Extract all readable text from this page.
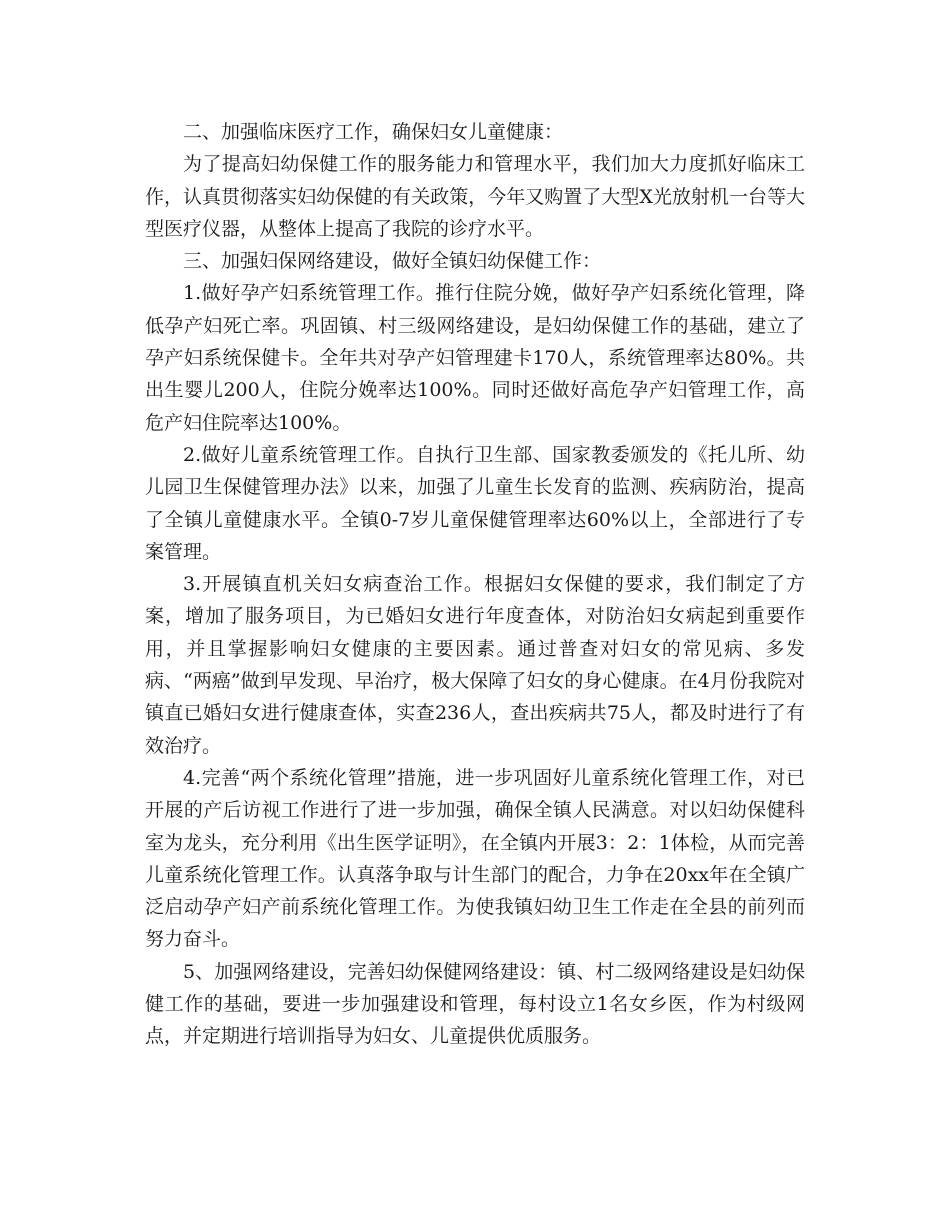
二、加强临床医疗工作，确保妇女儿童健康：

为了提高妇幼保健工作的服务能力和管理水平，我们加大力度抓好临床工作，认真贯彻落实妇幼保健的有关政策，今年又购置了大型X光放射机一台等大型医疗仪器，从整体上提高了我院的诊疗水平。

三、加强妇保网络建设，做好全镇妇幼保健工作：

1.做好孕产妇系统管理工作。推行住院分娩，做好孕产妇系统化管理，降低孕产妇死亡率。巩固镇、村三级网络建设，是妇幼保健工作的基础，建立了孕产妇系统保健卡。全年共对孕产妇管理建卡170人，系统管理率达80%。共出生婴儿200人，住院分娩率达100%。同时还做好高危孕产妇管理工作，高危产妇住院率达100%。

2.做好儿童系统管理工作。自执行卫生部、国家教委颁发的《托儿所、幼儿园卫生保健管理办法》以来，加强了儿童生长发育的监测、疾病防治，提高了全镇儿童健康水平。全镇0-7岁儿童保健管理率达60%以上，全部进行了专案管理。

3.开展镇直机关妇女病查治工作。根据妇女保健的要求，我们制定了方案，增加了服务项目，为已婚妇女进行年度查体，对防治妇女病起到重要作用，并且掌握影响妇女健康的主要因素。通过普查对妇女的常见病、多发病、“两癌”做到早发现、早治疗，极大保障了妇女的身心健康。在4月份我院对镇直已婚妇女进行健康查体，实查236人，查出疾病共75人，都及时进行了有效治疗。

4.完善“两个系统化管理”措施，进一步巩固好儿童系统化管理工作，对已开展的产后访视工作进行了进一步加强，确保全镇人民满意。对以妇幼保健科室为龙头，充分利用《出生医学证明》，在全镇内开展3：2：1体检，从而完善儿童系统化管理工作。认真落争取与计生部门的配合，力争在20xx年在全镇广泛启动孕产妇产前系统化管理工作。为使我镇妇幼卫生工作走在全县的前列而努力奋斗。

5、加强网络建设，完善妇幼保健网络建设：镇、村二级网络建设是妇幼保健工作的基础，要进一步加强建设和管理，每村设立1名女乡医，作为村级网点，并定期进行培训指导为妇女、儿童提供优质服务。
